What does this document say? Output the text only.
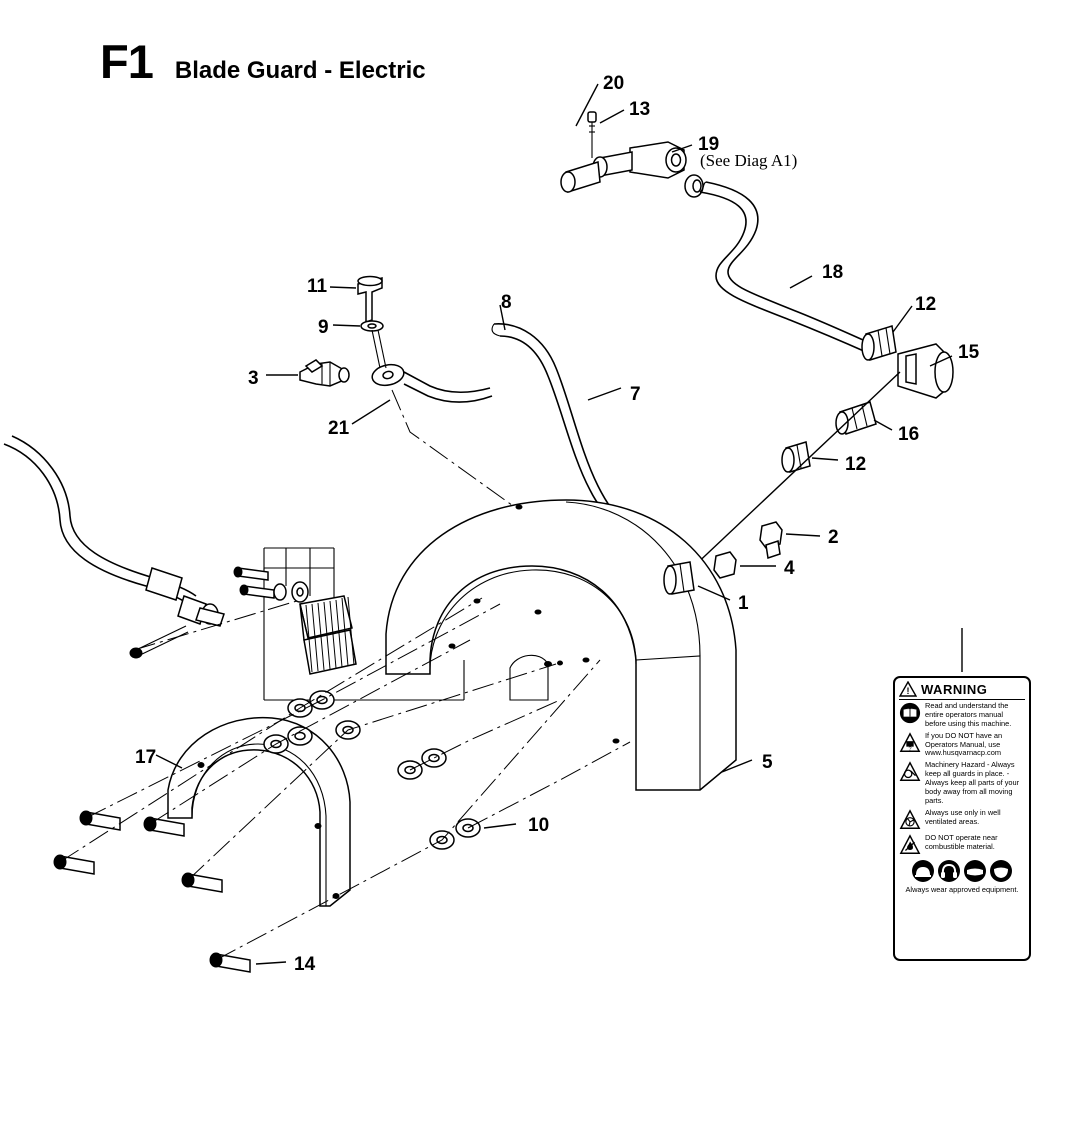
F1 Blade Guard - Electric	20
13
19
18
12
15
16
12
11
9
8
7
3
21
2
4
1
5
17
10
14
(See Diag A1)
! WARNING
Read and understand the entire operators manual before using this machine.
?
If you DO NOT have an Operators Manual, use www.husqvarnacp.com
Machinery Hazard - Always keep all guards in place. - Always keep all parts of your body away from all moving parts.
Always use only in well ventilated areas.
DO NOT operate near combustible material.
Always wear approved equipment.
